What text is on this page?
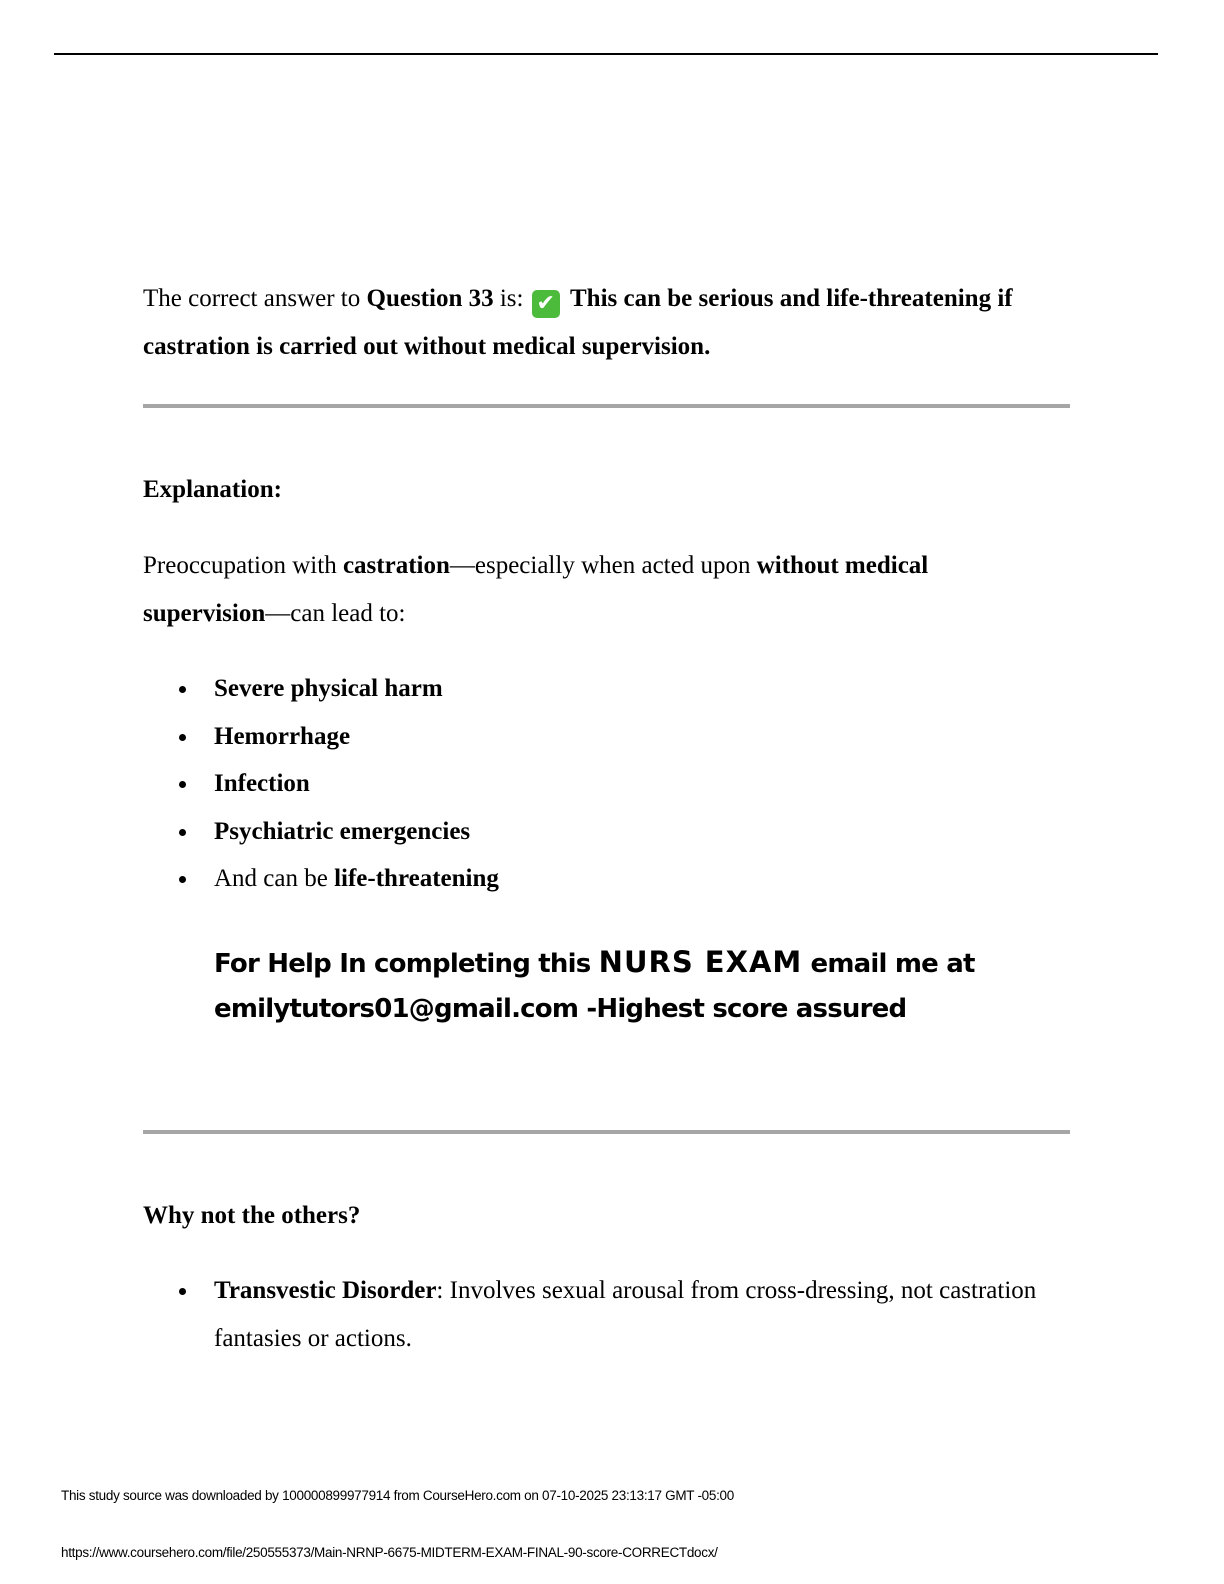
The correct answer to Question 33 is: ✔ This can be serious and life-threatening if castration is carried out without medical supervision.

Explanation:

Preoccupation with castration—especially when acted upon without medical supervision—can lead to:

Severe physical harm
Hemorrhage
Infection
Psychiatric emergencies
And can be life-threatening

For Help In completing this NURS EXAM email me at
emilytutors01@gmail.com -Highest score assured

Why not the others?
Transvestic Disorder: Involves sexual arousal from cross-dressing, not castration fantasies or actions.

This study source was downloaded by 100000899977914 from CourseHero.com on 07-10-2025 23:13:17 GMT -05:00

https://www.coursehero.com/file/250555373/Main-NRNP-6675-MIDTERM-EXAM-FINAL-90-score-CORRECTdocx/
